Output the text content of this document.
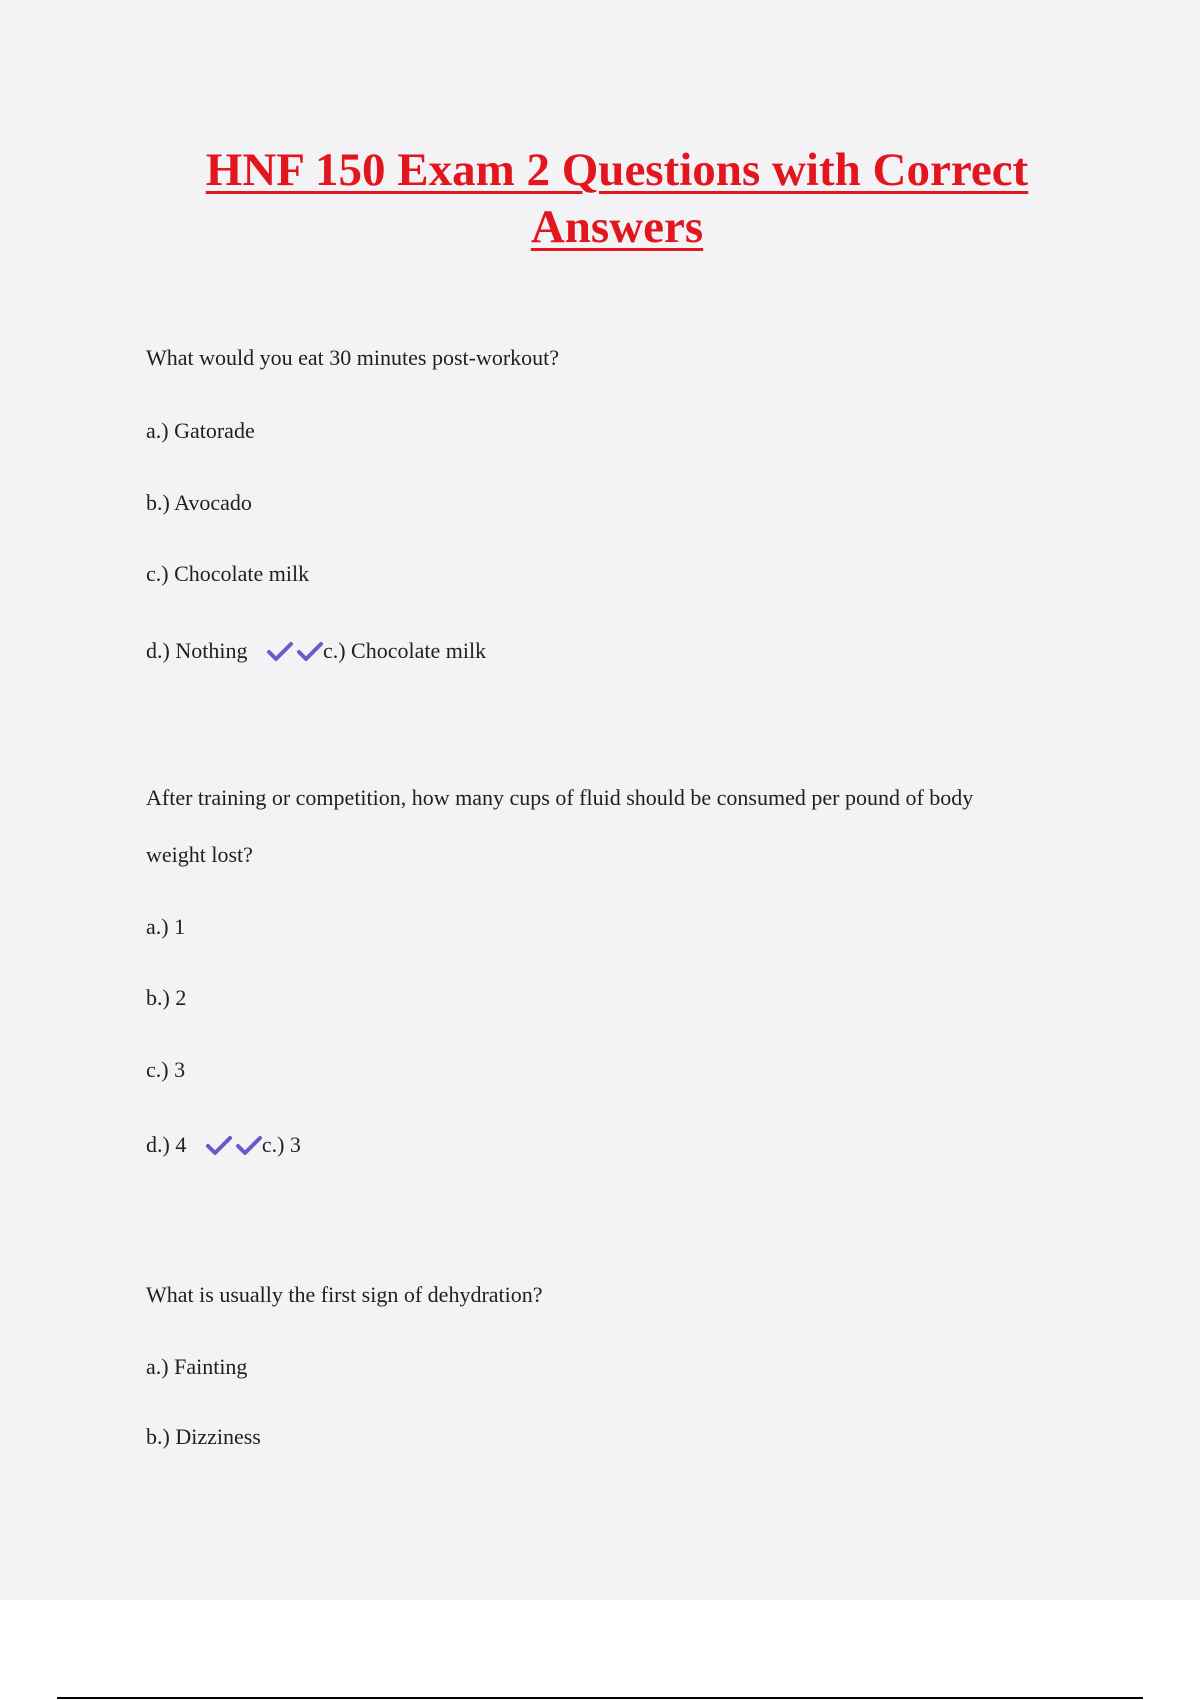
HNF 150 Exam 2 Questions with Correct Answers
What would you eat 30 minutes post-workout?
a.) Gatorade
b.) Avocado
c.) Chocolate milk
d.) Nothing	c.) Chocolate milk
After training or competition, how many cups of fluid should be consumed per pound of body
weight lost?
a.) 1
b.) 2
c.) 3
d.) 4	c.) 3
What is usually the first sign of dehydration?
a.) Fainting
b.) Dizziness
